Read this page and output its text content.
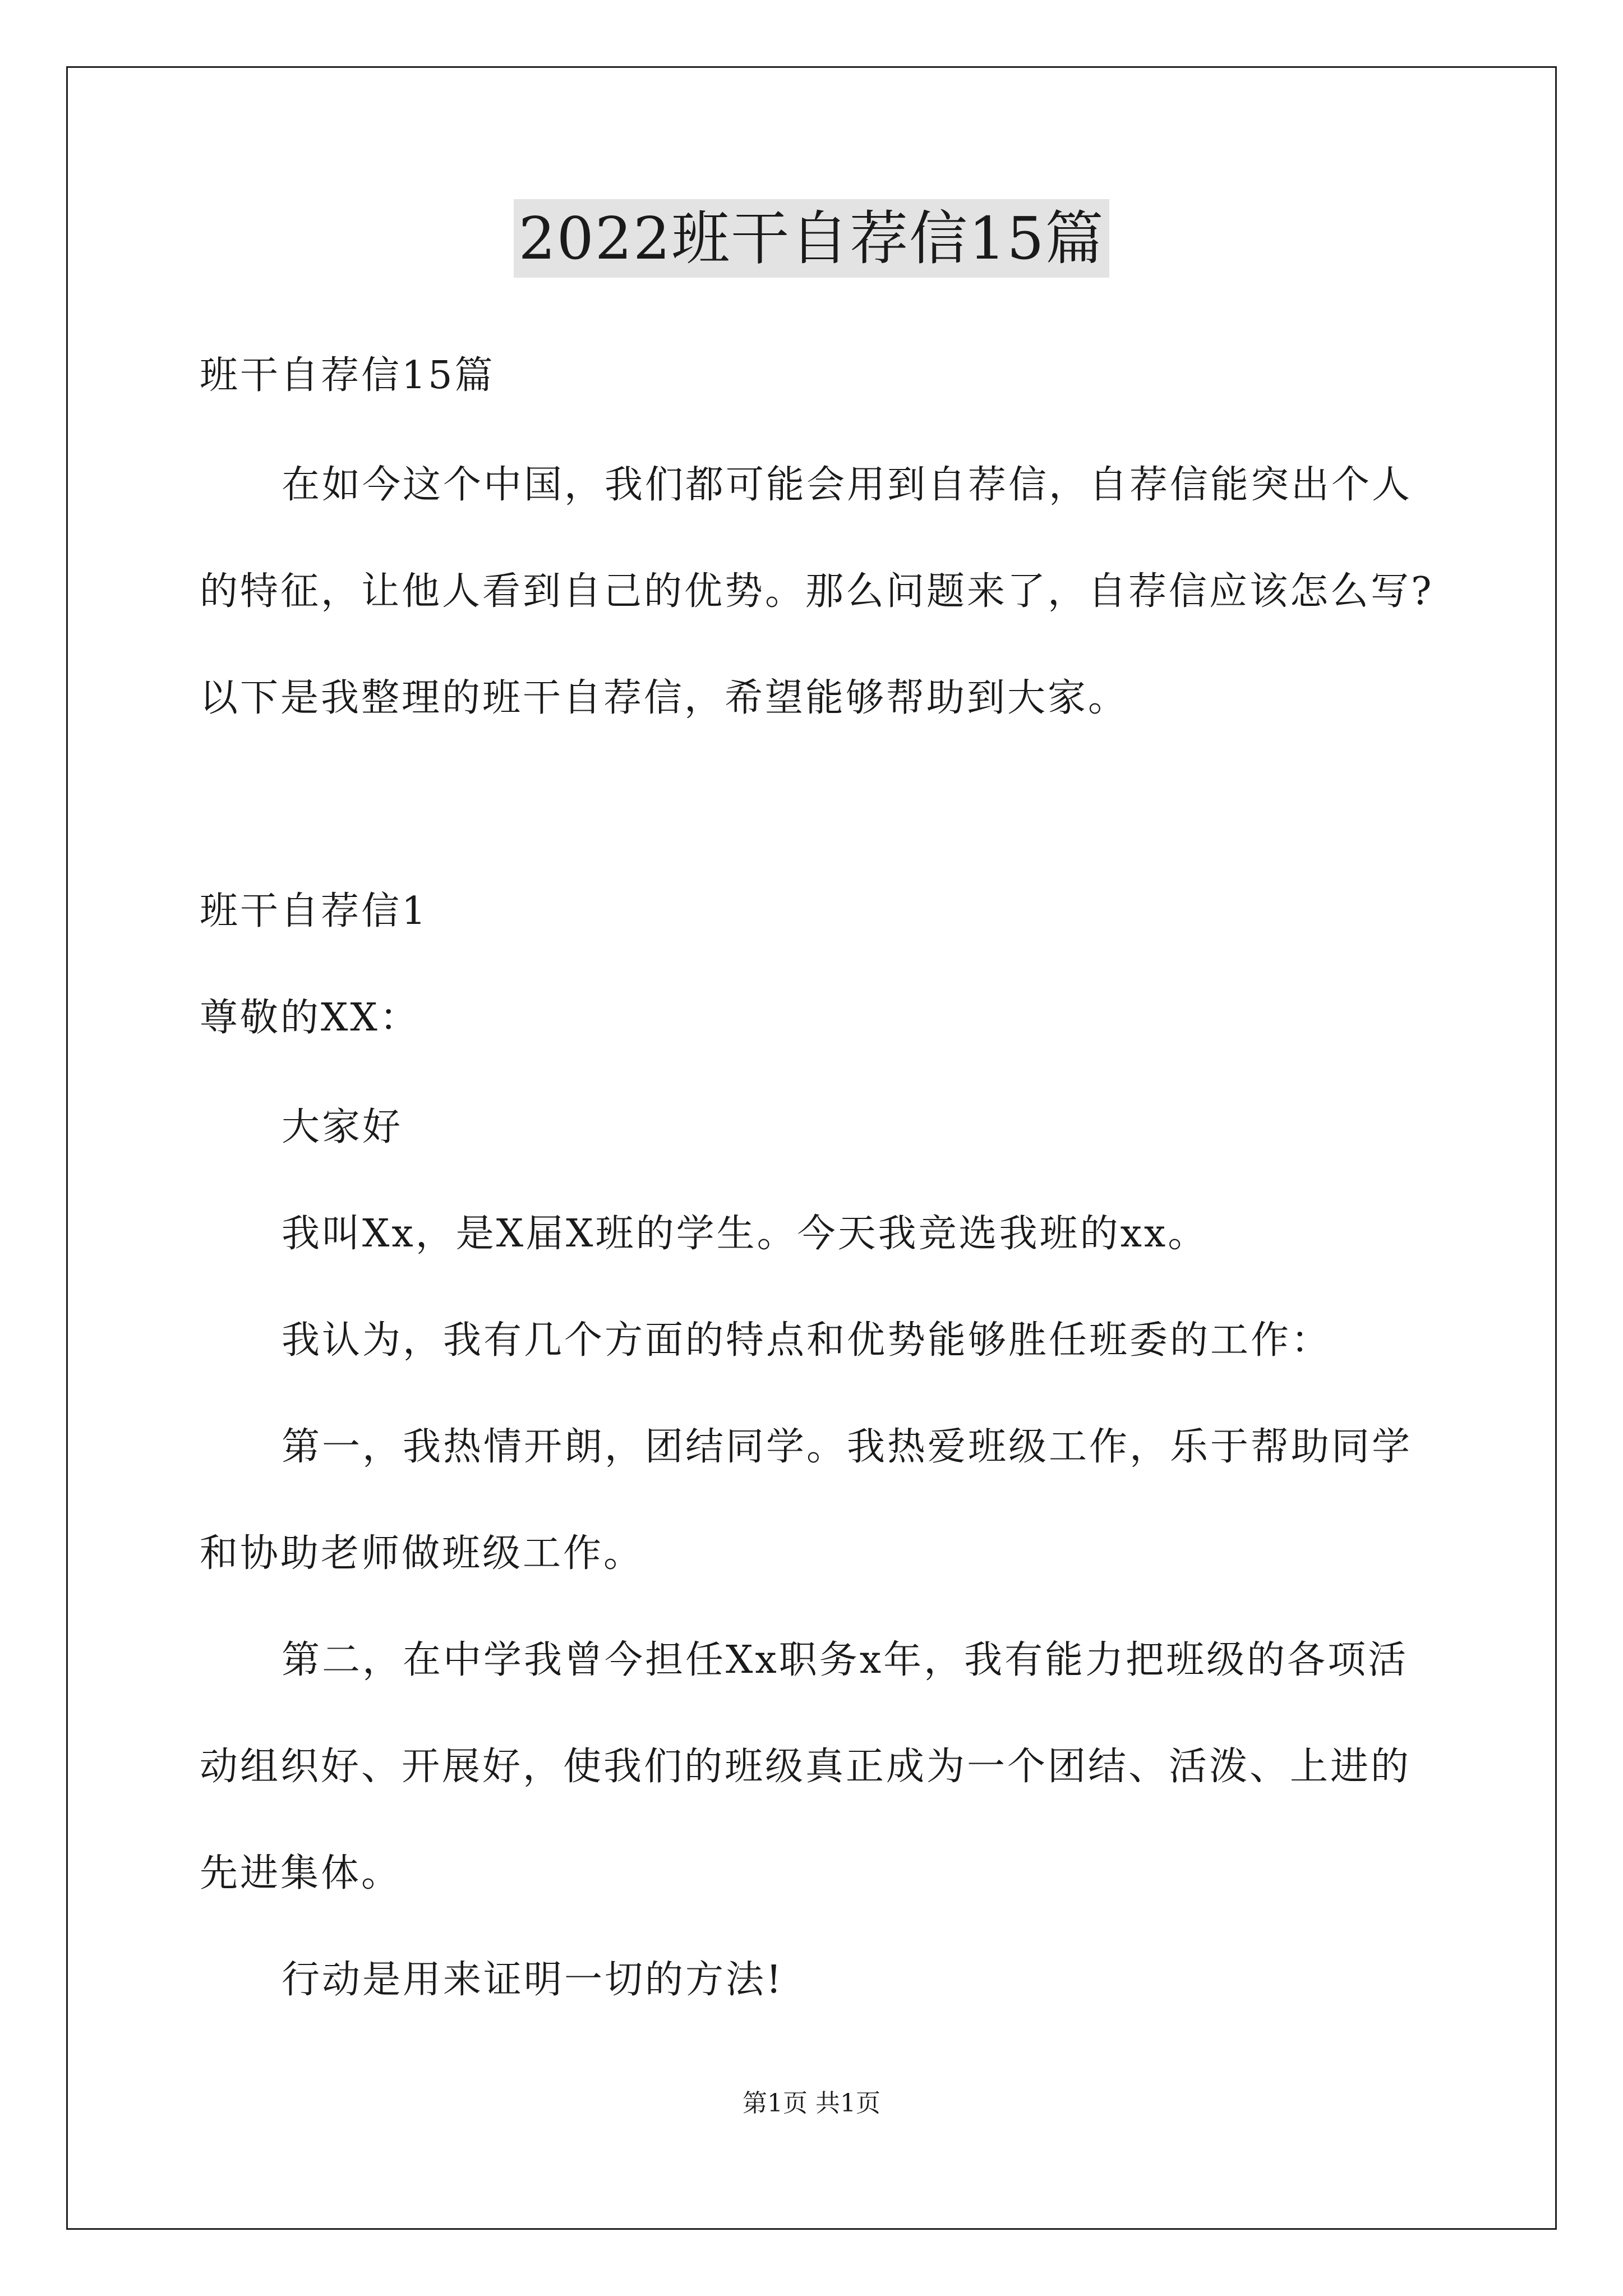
2022班干自荐信15篇
班干自荐信15篇
在如今这个中国，我们都可能会用到自荐信，自荐信能突出个人
的特征，让他人看到自己的优势。那么问题来了，自荐信应该怎么写?
以下是我整理的班干自荐信，希望能够帮助到大家。
班干自荐信1
尊敬的XX：
大家好
我叫Xx，是X届X班的学生。今天我竞选我班的xx。
我认为，我有几个方面的特点和优势能够胜任班委的工作：
第一，我热情开朗，团结同学。我热爱班级工作，乐于帮助同学
和协助老师做班级工作。
第二，在中学我曾今担任Xx职务x年，我有能力把班级的各项活
动组织好、开展好，使我们的班级真正成为一个团结、活泼、上进的
先进集体。
行动是用来证明一切的方法!
第1页 共1页
